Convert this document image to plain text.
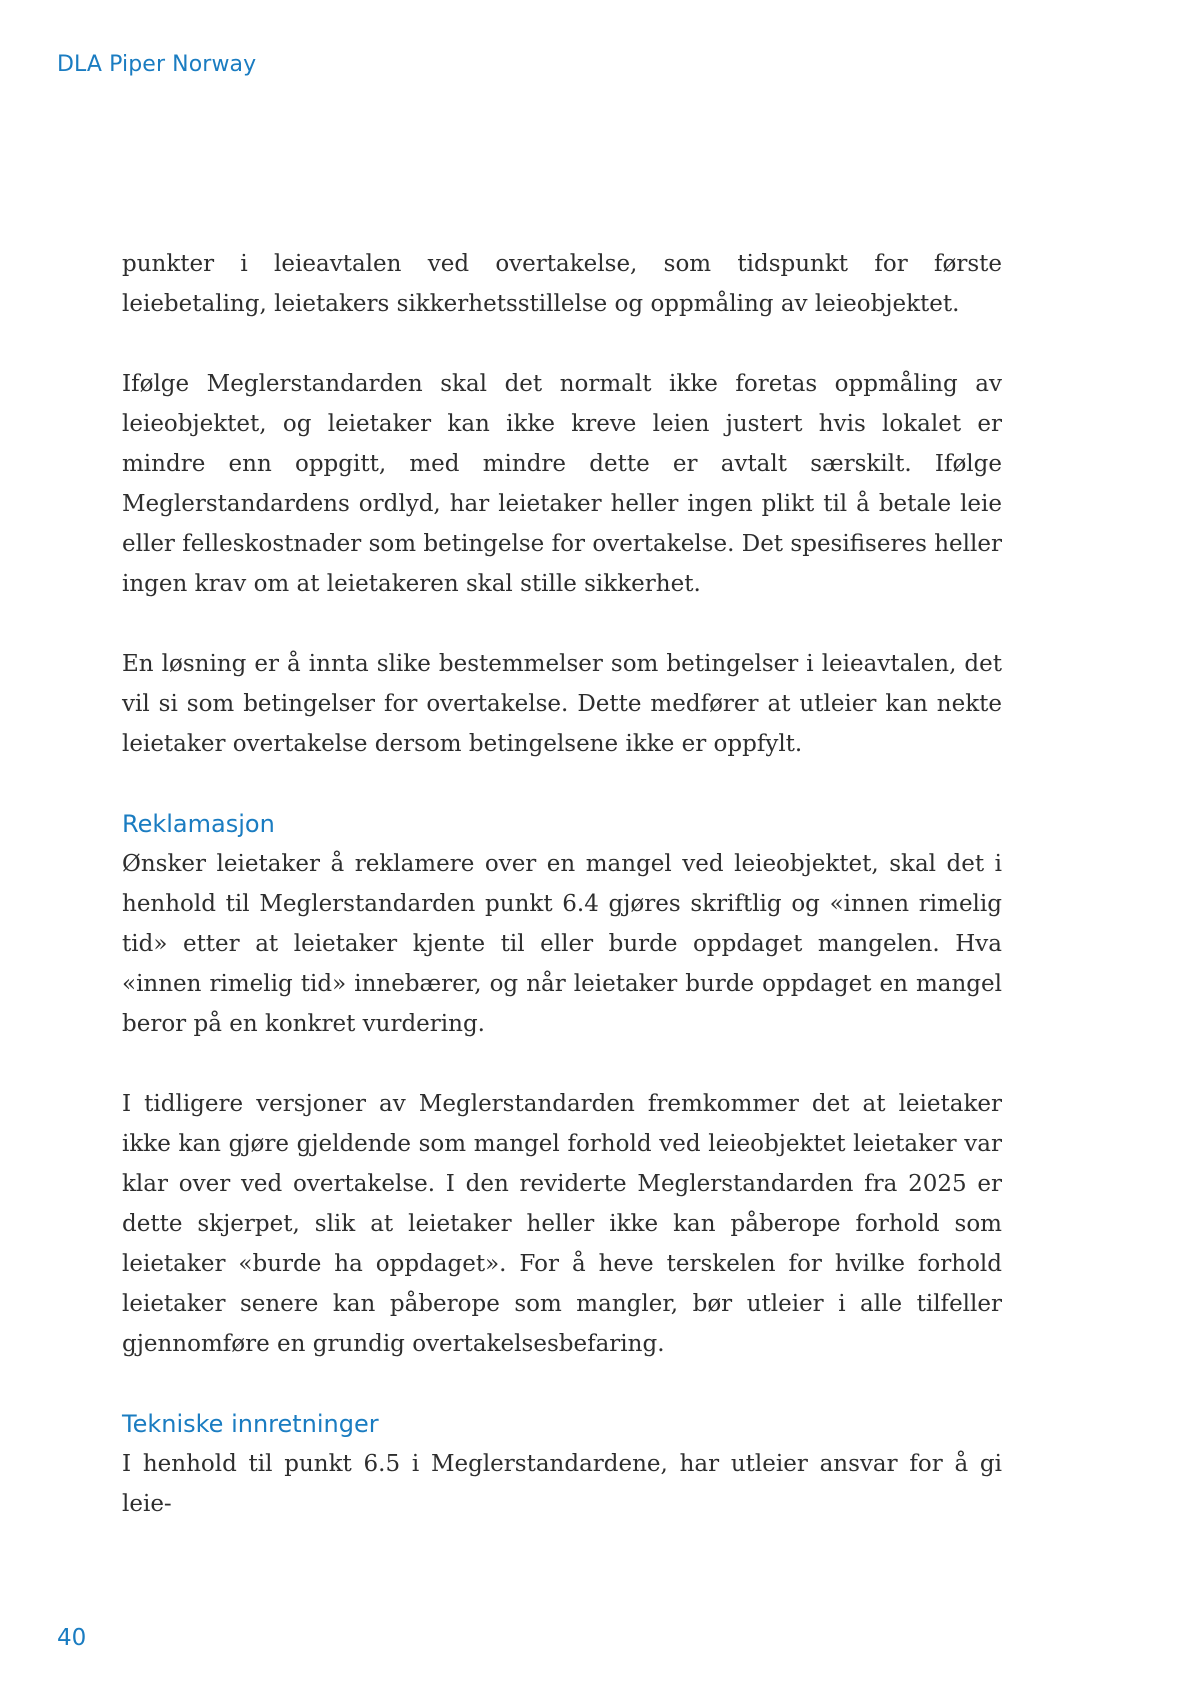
DLA Piper Norway

punkter i leieavtalen ved overtakelse, som tidspunkt for første leiebetaling, leietakers sikkerhetsstillelse og oppmåling av leieobjektet.

Ifølge Meglerstandarden skal det normalt ikke foretas oppmåling av leieobjektet, og leietaker kan ikke kreve leien justert hvis lokalet er mindre enn oppgitt, med mindre dette er avtalt særskilt. Ifølge Meglerstandardens ordlyd, har leietaker heller ingen plikt til å betale leie eller felleskostnader som betingelse for overtakelse. Det spesifiseres heller ingen krav om at leietakeren skal stille sikkerhet.

En løsning er å innta slike bestemmelser som betingelser i leieavtalen, det vil si som betingelser for overtakelse. Dette medfører at utleier kan nekte leietaker overtakelse dersom betingelsene ikke er oppfylt.

Reklamasjon

Ønsker leietaker å reklamere over en mangel ved leieobjektet, skal det i henhold til Meglerstandarden punkt 6.4 gjøres skriftlig og «innen rimelig tid» etter at leietaker kjente til eller burde oppdaget mangelen. Hva «innen rimelig tid» innebærer, og når leietaker burde oppdaget en mangel beror på en konkret vurdering.

I tidligere versjoner av Meglerstandarden fremkommer det at leietaker ikke kan gjøre gjeldende som mangel forhold ved leieobjektet leietaker var klar over ved overtakelse. I den reviderte Meglerstandarden fra 2025 er dette skjerpet, slik at leietaker heller ikke kan påberope forhold som leietaker «burde ha oppdaget». For å heve terskelen for hvilke forhold leietaker senere kan påberope som mangler, bør utleier i alle tilfeller gjennomføre en grundig overtakelsesbefaring.

Tekniske innretninger

I henhold til punkt 6.5 i Meglerstandardene, har utleier ansvar for å gi leie-

40
